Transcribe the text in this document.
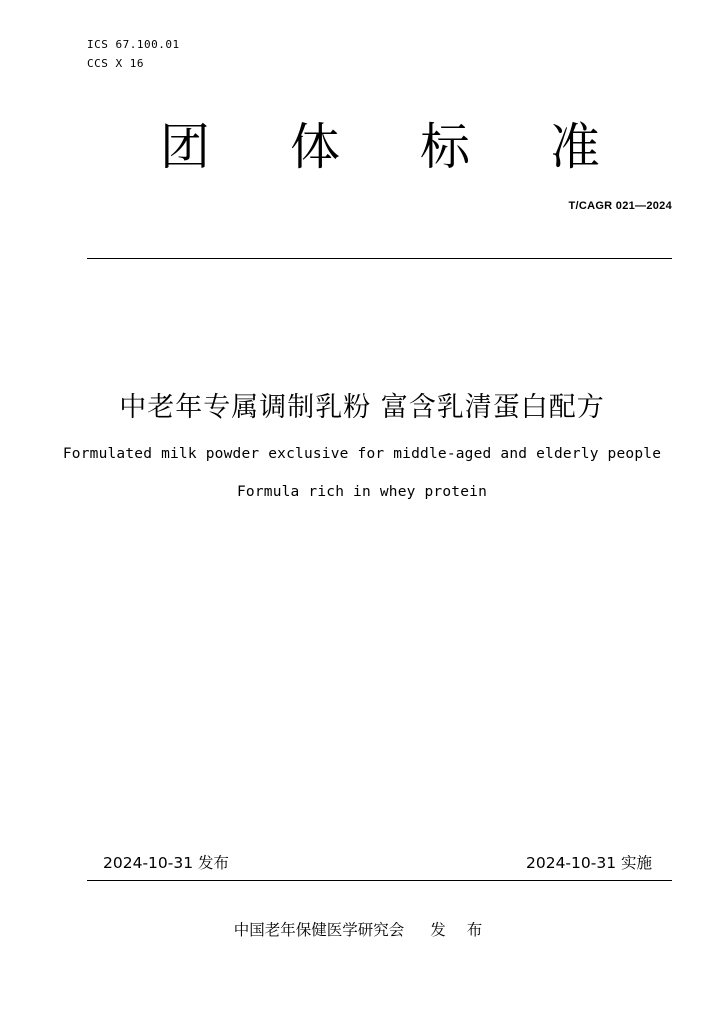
ICS 67.100.01
CCS X 16
团 体 标 准
T/CAGR 021—2024
中老年专属调制乳粉 富含乳清蛋白配方
Formulated milk powder exclusive for middle-aged and elderly people
Formula rich in whey protein
2024-10-31 发布	2024-10-31 实施
中国老年保健医学研究会 发 布
